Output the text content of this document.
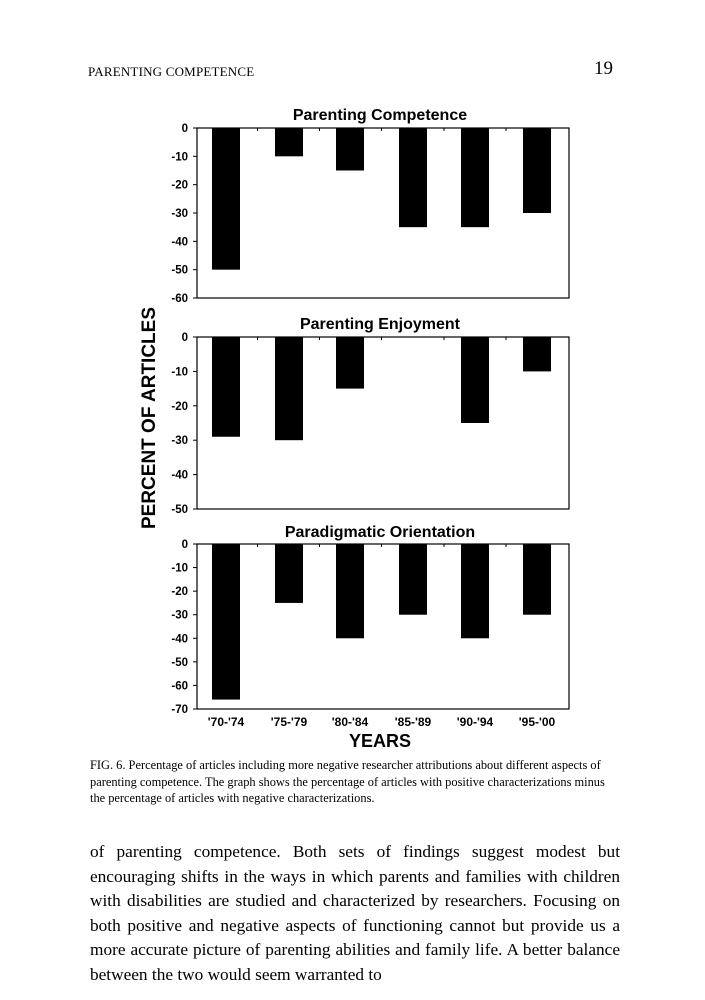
PARENTING COMPETENCE	19
Parenting Competence
0
-10
-20
-30
-40
-50
-60
Parenting Enjoyment
0
-10
-20
-30
-40
-50
Paradigmatic Orientation
0
-10
-20
-30
-40
-50
-60
-70
'70-'74 '75-'79 '80-'84 '85-'89 '90-'94 '95-'00
YEARS
PERCENT OF ARTICLES
FIG. 6. Percentage of articles including more negative researcher attributions about different aspects of parenting competence. The graph shows the percentage of articles with positive characterizations minus the percentage of articles with negative characterizations.
of parenting competence. Both sets of findings suggest modest but encouraging shifts in the ways in which parents and families with children with disabilities are studied and characterized by researchers. Focusing on both positive and negative aspects of functioning cannot but provide us a more accurate picture of parenting abilities and family life. A better balance between the two would seem warranted to
